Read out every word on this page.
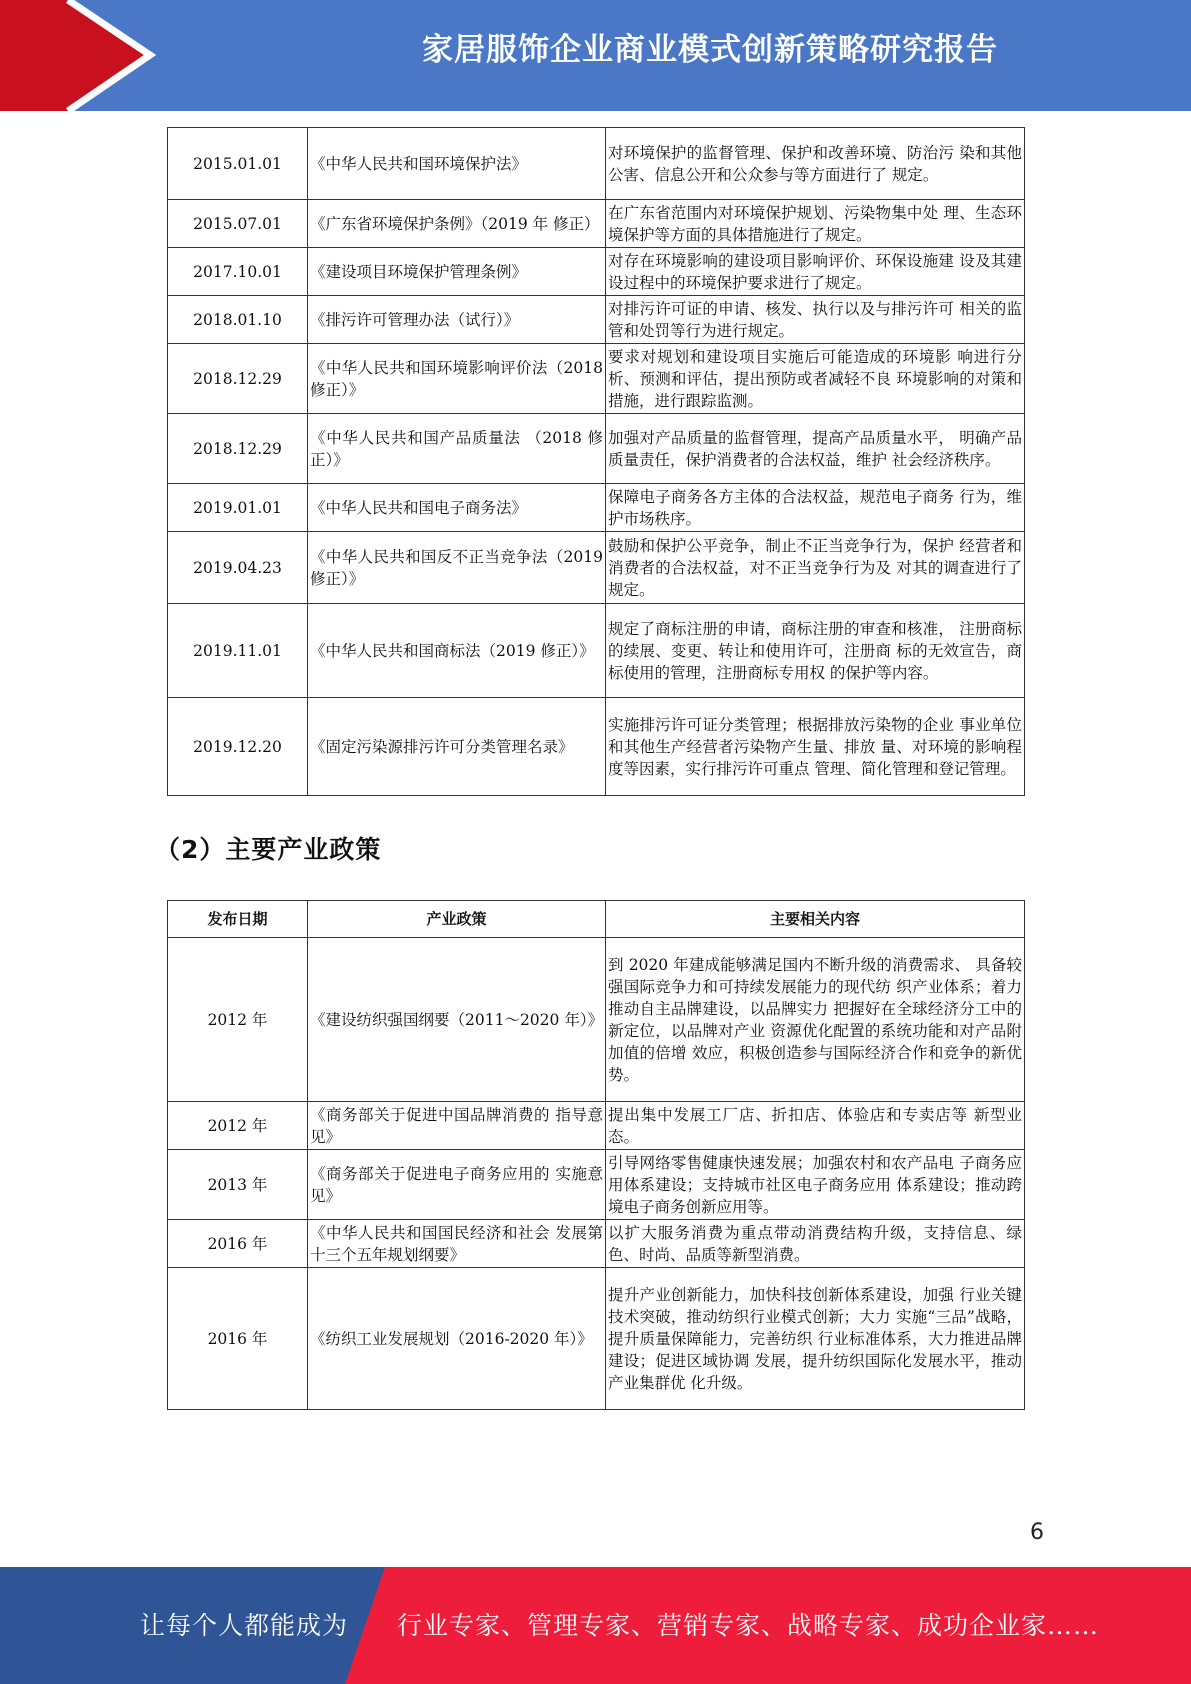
家居服饰企业商业模式创新策略研究报告
2015.01.01	《中华人民共和国环境保护法》	对环境保护的监督管理、保护和改善环境、防治污 染和其他公害、信息公开和公众参与等方面进行了 规定。
2015.07.01	《广东省环境保护条例》（2019 年 修正）	在广东省范围内对环境保护规划、污染物集中处 理、生态环境保护等方面的具体措施进行了规定。
2017.10.01	《建设项目环境保护管理条例》	对存在环境影响的建设项目影响评价、环保设施建 设及其建设过程中的环境保护要求进行了规定。
2018.01.10	《排污许可管理办法（试行）》	对排污许可证的申请、核发、执行以及与排污许可 相关的监管和处罚等行为进行规定。
2018.12.29	《中华人民共和国环境影响评价法（2018 修正）》	要求对规划和建设项目实施后可能造成的环境影 响进行分析、预测和评估，提出预防或者减轻不良 环境影响的对策和措施，进行跟踪监测。
2018.12.29	《中华人民共和国产品质量法 （2018 修正）》	加强对产品质量的监督管理，提高产品质量水平， 明确产品质量责任，保护消费者的合法权益，维护 社会经济秩序。
2019.01.01	《中华人民共和国电子商务法》	保障电子商务各方主体的合法权益，规范电子商务 行为，维护市场秩序。
2019.04.23	《中华人民共和国反不正当竞争法（2019 修正）》	鼓励和保护公平竞争，制止不正当竞争行为，保护 经营者和消费者的合法权益，对不正当竞争行为及 对其的调查进行了规定。
2019.11.01	《中华人民共和国商标法（2019 修正）》	规定了商标注册的申请，商标注册的审查和核准， 注册商标的续展、变更、转让和使用许可，注册商 标的无效宣告，商标使用的管理，注册商标专用权 的保护等内容。
2019.12.20	《固定污染源排污许可分类管理名录》	实施排污许可证分类管理；根据排放污染物的企业 事业单位和其他生产经营者污染物产生量、排放 量、对环境的影响程度等因素，实行排污许可重点 管理、简化管理和登记管理。
（2）主要产业政策
发布日期	产业政策	主要相关内容
2012 年	《建设纺织强国纲要（2011～2020 年）》	到 2020 年建成能够满足国内不断升级的消费需求、 具备较强国际竞争力和可持续发展能力的现代纺 织产业体系；着力推动自主品牌建设，以品牌实力 把握好在全球经济分工中的新定位，以品牌对产业 资源优化配置的系统功能和对产品附加值的倍增 效应，积极创造参与国际经济合作和竞争的新优 势。
2012 年	《商务部关于促进中国品牌消费的 指导意见》	提出集中发展工厂店、折扣店、体验店和专卖店等 新型业态。
2013 年	《商务部关于促进电子商务应用的 实施意见》	引导网络零售健康快速发展；加强农村和农产品电 子商务应用体系建设；支持城市社区电子商务应用 体系建设；推动跨境电子商务创新应用等。
2016 年	《中华人民共和国国民经济和社会 发展第十三个五年规划纲要》	以扩大服务消费为重点带动消费结构升级，支持信息、绿色、时尚、品质等新型消费。
2016 年	《纺织工业发展规划（2016-2020 年）》	提升产业创新能力，加快科技创新体系建设，加强 行业关键技术突破，推动纺织行业模式创新；大力 实施“三品”战略，提升质量保障能力，完善纺织 行业标准体系，大力推进品牌建设；促进区域协调 发展，提升纺织国际化发展水平，推动产业集群优 化升级。
6
让每个人都能成为 行业专家、管理专家、营销专家、战略专家、成功企业家……
